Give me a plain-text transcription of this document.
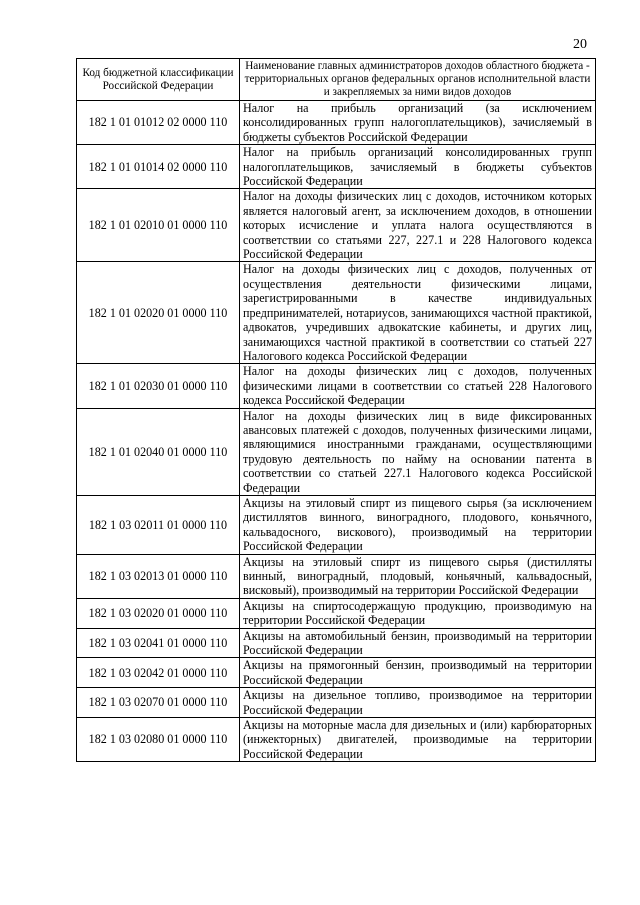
20
Код бюджетной классификации Российской Федерации	Наименование главных администраторов доходов областного бюджета - территориальных органов федеральных органов исполнительной власти и закрепляемых за ними видов доходов
182 1 01 01012 02 0000 110	Налог на прибыль организаций (за исключением консолидированных групп налогоплательщиков), зачисляемый в бюджеты субъектов Российской Федерации
182 1 01 01014 02 0000 110	Налог на прибыль организаций консолидированных групп налогоплательщиков, зачисляемый в бюджеты субъектов Российской Федерации
182 1 01 02010 01 0000 110	Налог на доходы физических лиц с доходов, источником которых является налоговый агент, за исключением доходов, в отношении которых исчисление и уплата налога осуществляются в соответствии со статьями 227, 227.1 и 228 Налогового кодекса Российской Федерации
182 1 01 02020 01 0000 110	Налог на доходы физических лиц с доходов, полученных от осуществления деятельности физическими лицами, зарегистрированными в качестве индивидуальных предпринимателей, нотариусов, занимающихся частной практикой, адвокатов, учредивших адвокатские кабинеты, и других лиц, занимающихся частной практикой в соответствии со статьей 227 Налогового кодекса Российской Федерации
182 1 01 02030 01 0000 110	Налог на доходы физических лиц с доходов, полученных физическими лицами в соответствии со статьей 228 Налогового кодекса Российской Федерации
182 1 01 02040 01 0000 110	Налог на доходы физических лиц в виде фиксированных авансовых платежей с доходов, полученных физическими лицами, являющимися иностранными гражданами, осуществляющими трудовую деятельность по найму на основании патента в соответствии со статьей 227.1 Налогового кодекса Российской Федерации
182 1 03 02011 01 0000 110	Акцизы на этиловый спирт из пищевого сырья (за исключением дистиллятов винного, виноградного, плодового, коньячного, кальвадосного, вискового), производимый на территории Российской Федерации
182 1 03 02013 01 0000 110	Акцизы на этиловый спирт из пищевого сырья (дистилляты винный, виноградный, плодовый, коньячный, кальвадосный, висковый), производимый на территории Российской Федерации
182 1 03 02020 01 0000 110	Акцизы на спиртосодержащую продукцию, производимую на территории Российской Федерации
182 1 03 02041 01 0000 110	Акцизы на автомобильный бензин, производимый на территории Российской Федерации
182 1 03 02042 01 0000 110	Акцизы на прямогонный бензин, производимый на территории Российской Федерации
182 1 03 02070 01 0000 110	Акцизы на дизельное топливо, производимое на территории Российской Федерации
182 1 03 02080 01 0000 110	Акцизы на моторные масла для дизельных и (или) карбюраторных (инжекторных) двигателей, производимые на территории Российской Федерации
